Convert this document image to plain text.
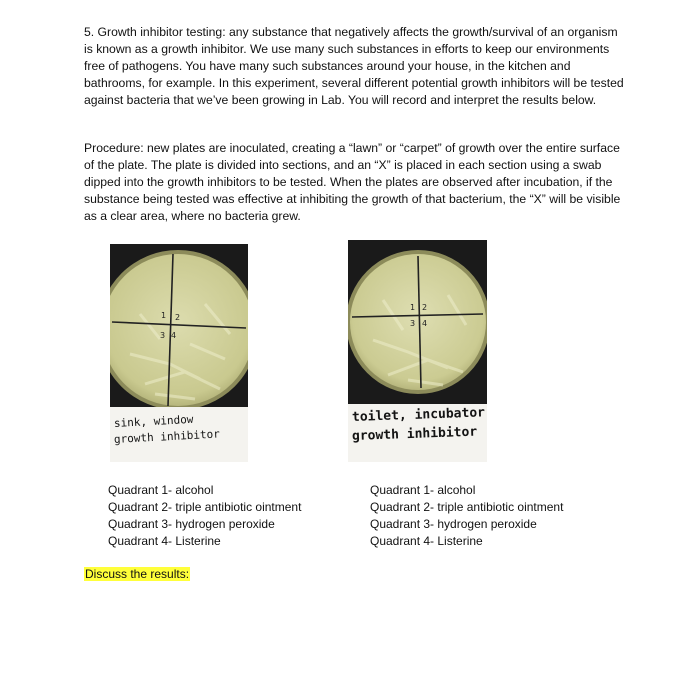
5. Growth inhibitor testing: any substance that negatively affects the growth/survival of an organism is known as a growth inhibitor. We use many such substances in efforts to keep our environments free of pathogens. You have many such substances around your house, in the kitchen and bathrooms, for example. In this experiment, several different potential growth inhibitors will be tested against bacteria that we’ve been growing in Lab. You will record and interpret the results below.

Procedure: new plates are inoculated, creating a “lawn” or “carpet” of growth over the entire surface of the plate. The plate is divided into sections, and an “X” is placed in each section using a swab dipped into the growth inhibitors to be tested. When the plates are observed after incubation, if the substance being tested was effective at inhibiting the growth of that bacterium, the “X” will be visible as a clear area, where no bacteria grew.

1 2
3 4
sink, window
growth inhibitor
1 2
3 4
toilet, incubator
growth inhibitor
Quadrant 1- alcohol
Quadrant 2- triple antibiotic ointment
Quadrant 3- hydrogen peroxide
Quadrant 4- Listerine
Quadrant 1- alcohol
Quadrant 2- triple antibiotic ointment
Quadrant 3- hydrogen peroxide
Quadrant 4- Listerine
Discuss the results:
